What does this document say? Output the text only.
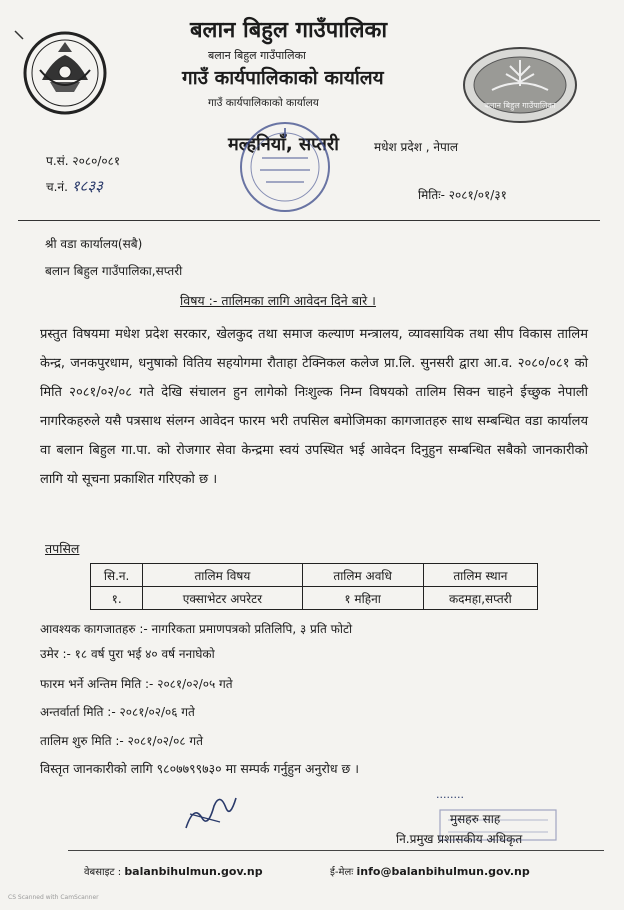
बलान बिहुल गाउँपालिका
बलान बिहुल गाउँपालिका
बलान बिहुल गाउँपालिका
गाउँ कार्यपालिकाको कार्यालय
गाउँ कार्यपालिकाको कार्यालय
मल्हनियाँ, सप्तरी	मधेश प्रदेश , नेपाल
प.सं. २०८०/०८१
च.नं. १८३३	मितिः- २०८१/०१/३१
श्री वडा कार्यालय(सबै)
बलान बिहुल गाउँपालिका,सप्तरी
विषय :- तालिमका लागि आवेदन दिने बारे ।
प्रस्तुत विषयमा मधेश प्रदेश सरकार, खेलकुद तथा समाज कल्याण मन्त्रालय, व्यावसायिक तथा सीप विकास तालिम केन्द्र, जनकपुरधाम, धनुषाको वितिय सहयोगमा रौताहा टेक्निकल कलेज प्रा.लि. सुनसरी द्वारा आ.व. २०८०/०८१ को मिति २०८१/०२/०८ गते देखि संचालन हुन लागेको निःशुल्क निम्न विषयको तालिम सिक्न चाहने ईच्छुक नेपाली नागरिकहरुले यसै पत्रसाथ संलग्न आवेदन फारम भरी तपसिल बमोजिमका कागजातहरु साथ सम्बन्धित वडा कार्यालय वा बलान बिहुल गा.पा. को रोजगार सेवा केन्द्रमा स्वयं उपस्थित भई आवेदन दिनुहुन सम्बन्धित सबैको जानकारीको लागि यो सूचना प्रकाशित गरिएको छ ।
तपसिल
सि.न.	तालिम विषय	तालिम अवधि	तालिम स्थान
१.	एक्साभेटर अपरेटर	१ महिना	कदमहा,सप्तरी
आवश्यक कागजातहरु :- नागरिकता प्रमाणपत्रको प्रतिलिपि, ३ प्रति फोटो
उमेर :- १८ वर्ष पुरा भई ४० वर्ष ननाघेको
फारम भर्ने अन्तिम मिति :- २०८१/०२/०५ गते
अन्तर्वार्ता मिति :- २०८१/०२/०६ गते
तालिम शुरु मिति :- २०८१/०२/०८ गते
विस्तृत जानकारीको लागि ९८०७७९९७३० मा सम्पर्क गर्नुहुन अनुरोध छ ।
........
मुसहरु साह
नि.प्रमुख प्रशासकीय अधिकृत
वेबसाइट : balanbihulmun.gov.np	ई-मेलः info@balanbihulmun.gov.np
CS Scanned with CamScanner
